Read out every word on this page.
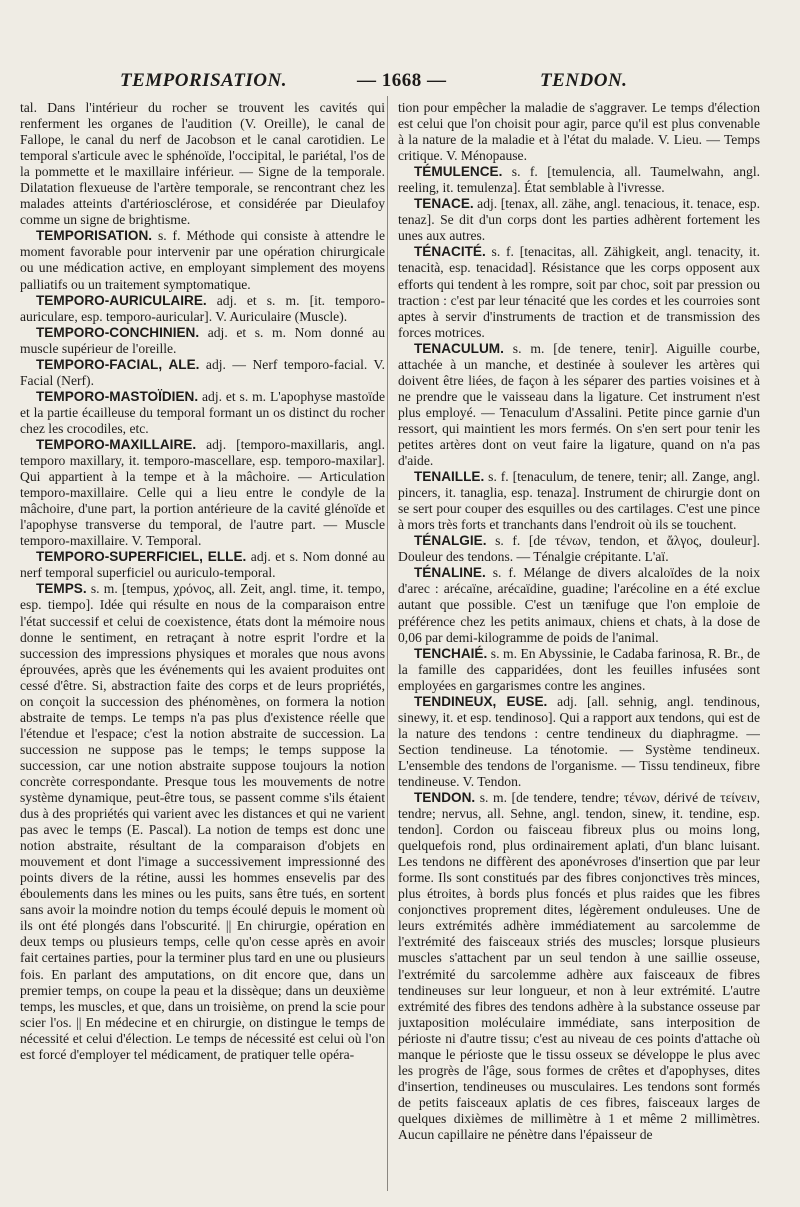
TEMPORISATION.	— 1668 —	TENDON.

tal. Dans l'intérieur du rocher se trouvent les cavités qui renferment les organes de l'audition (V. Oreille), le canal de Fallope, le canal du nerf de Jacobson et le canal carotidien. Le temporal s'articule avec le sphénoïde, l'occipital, le pariétal, l'os de la pommette et le maxillaire inférieur. — Signe de la temporale. Dilatation flexueuse de l'artère temporale, se rencontrant chez les malades atteints d'artériosclérose, et considérée par Dieulafoy comme un signe de brightisme.

TEMPORISATION. s. f. Méthode qui consiste à attendre le moment favorable pour intervenir par une opération chirurgicale ou une médication active, en employant simplement des moyens palliatifs ou un traitement symptomatique.

TEMPORO-AURICULAIRE. adj. et s. m. [it. temporo-auriculare, esp. temporo-auricular]. V. Auriculaire (Muscle).

TEMPORO-CONCHINIEN. adj. et s. m. Nom donné au muscle supérieur de l'oreille.

TEMPORO-FACIAL, ALE. adj. — Nerf temporo-facial. V. Facial (Nerf).

TEMPORO-MASTOÏDIEN. adj. et s. m. L'apophyse mastoïde et la partie écailleuse du temporal formant un os distinct du rocher chez les crocodiles, etc.

TEMPORO-MAXILLAIRE. adj. [temporo-maxillaris, angl. temporo maxillary, it. temporo-mascellare, esp. temporo-maxilar]. Qui appartient à la tempe et à la mâchoire. — Articulation temporo-maxillaire. Celle qui a lieu entre le condyle de la mâchoire, d'une part, la portion antérieure de la cavité glénoïde et l'apophyse transverse du temporal, de l'autre part. — Muscle temporo-maxillaire. V. Temporal.

TEMPORO-SUPERFICIEL, ELLE. adj. et s. Nom donné au nerf temporal superficiel ou auriculo-temporal.

TEMPS. s. m. [tempus, χρόνος, all. Zeit, angl. time, it. tempo, esp. tiempo]. Idée qui résulte en nous de la comparaison entre l'état successif et celui de coexistence, états dont la mémoire nous donne le sentiment, en retraçant à notre esprit l'ordre et la succession des impressions physiques et morales que nous avons éprouvées, après que les événements qui les avaient produites ont cessé d'être. Si, abstraction faite des corps et de leurs propriétés, on conçoit la succession des phénomènes, on formera la notion abstraite de temps. Le temps n'a pas plus d'existence réelle que l'étendue et l'espace; c'est la notion abstraite de succession. La succession ne suppose pas le temps; le temps suppose la succession, car une notion abstraite suppose toujours la notion concrète correspondante. Presque tous les mouvements de notre système dynamique, peut-être tous, se passent comme s'ils étaient dus à des propriétés qui varient avec les distances et qui ne varient pas avec le temps (E. Pascal). La notion de temps est donc une notion abstraite, résultant de la comparaison d'objets en mouvement et dont l'image a successivement impressionné des points divers de la rétine, aussi les hommes ensevelis par des éboulements dans les mines ou les puits, sans être tués, en sortent sans avoir la moindre notion du temps écoulé depuis le moment où ils ont été plongés dans l'obscurité. || En chirurgie, opération en deux temps ou plusieurs temps, celle qu'on cesse après en avoir fait certaines parties, pour la terminer plus tard en une ou plusieurs fois. En parlant des amputations, on dit encore que, dans un premier temps, on coupe la peau et la dissèque; dans un deuxième temps, les muscles, et que, dans un troisième, on prend la scie pour scier l'os. || En médecine et en chirurgie, on distingue le temps de nécessité et celui d'élection. Le temps de nécessité est celui où l'on est forcé d'employer tel médicament, de pratiquer telle opéra-

tion pour empêcher la maladie de s'aggraver. Le temps d'élection est celui que l'on choisit pour agir, parce qu'il est plus convenable à la nature de la maladie et à l'état du malade. V. Lieu. — Temps critique. V. Ménopause.

TÉMULENCE. s. f. [temulencia, all. Taumelwahn, angl. reeling, it. temulenza]. État semblable à l'ivresse.

TENACE. adj. [tenax, all. zähe, angl. tenacious, it. tenace, esp. tenaz]. Se dit d'un corps dont les parties adhèrent fortement les unes aux autres.

TÉNACITÉ. s. f. [tenacitas, all. Zähigkeit, angl. tenacity, it. tenacità, esp. tenacidad]. Résistance que les corps opposent aux efforts qui tendent à les rompre, soit par choc, soit par pression ou traction : c'est par leur ténacité que les cordes et les courroies sont aptes à servir d'instruments de traction et de transmission des forces motrices.

TENACULUM. s. m. [de tenere, tenir]. Aiguille courbe, attachée à un manche, et destinée à soulever les artères qui doivent être liées, de façon à les séparer des parties voisines et à ne prendre que le vaisseau dans la ligature. Cet instrument n'est plus employé. — Tenaculum d'Assalini. Petite pince garnie d'un ressort, qui maintient les mors fermés. On s'en sert pour tenir les petites artères dont on veut faire la ligature, quand on n'a pas d'aide.

TENAILLE. s. f. [tenaculum, de tenere, tenir; all. Zange, angl. pincers, it. tanaglia, esp. tenaza]. Instrument de chirurgie dont on se sert pour couper des esquilles ou des cartilages. C'est une pince à mors très forts et tranchants dans l'endroit où ils se touchent.

TÉNALGIE. s. f. [de τένων, tendon, et ἄλγος, douleur]. Douleur des tendons. — Ténalgie crépitante. L'aï.

TÉNALINE. s. f. Mélange de divers alcaloïdes de la noix d'arec : arécaïne, arécaïdine, guadine; l'arécoline en a été exclue autant que possible. C'est un tænifuge que l'on emploie de préférence chez les petits animaux, chiens et chats, à la dose de 0,06 par demi-kilogramme de poids de l'animal.

TENCHAIÉ. s. m. En Abyssinie, le Cadaba farinosa, R. Br., de la famille des capparidées, dont les feuilles infusées sont employées en gargarismes contre les angines.

TENDINEUX, EUSE. adj. [all. sehnig, angl. tendinous, sinewy, it. et esp. tendinoso]. Qui a rapport aux tendons, qui est de la nature des tendons : centre tendineux du diaphragme. — Section tendineuse. La ténotomie. — Système tendineux. L'ensemble des tendons de l'organisme. — Tissu tendineux, fibre tendineuse. V. Tendon.

TENDON. s. m. [de tendere, tendre; τένων, dérivé de τείνειν, tendre; nervus, all. Sehne, angl. tendon, sinew, it. tendine, esp. tendon]. Cordon ou faisceau fibreux plus ou moins long, quelquefois rond, plus ordinairement aplati, d'un blanc luisant. Les tendons ne diffèrent des aponévroses d'insertion que par leur forme. Ils sont constitués par des fibres conjonctives très minces, plus étroites, à bords plus foncés et plus raides que les fibres conjonctives proprement dites, légèrement onduleuses. Une de leurs extrémités adhère immédiatement au sarcolemme de l'extrémité des faisceaux striés des muscles; lorsque plusieurs muscles s'attachent par un seul tendon à une saillie osseuse, l'extrémité du sarcolemme adhère aux faisceaux de fibres tendineuses sur leur longueur, et non à leur extrémité. L'autre extrémité des fibres des tendons adhère à la substance osseuse par juxtaposition moléculaire immédiate, sans interposition de périoste ni d'autre tissu; c'est au niveau de ces points d'attache où manque le périoste que le tissu osseux se développe le plus avec les progrès de l'âge, sous formes de crêtes et d'apophyses, dites d'insertion, tendineuses ou musculaires. Les tendons sont formés de petits faisceaux aplatis de ces fibres, faisceaux larges de quelques dixièmes de millimètre à 1 et même 2 millimètres. Aucun capillaire ne pénètre dans l'épaisseur de
